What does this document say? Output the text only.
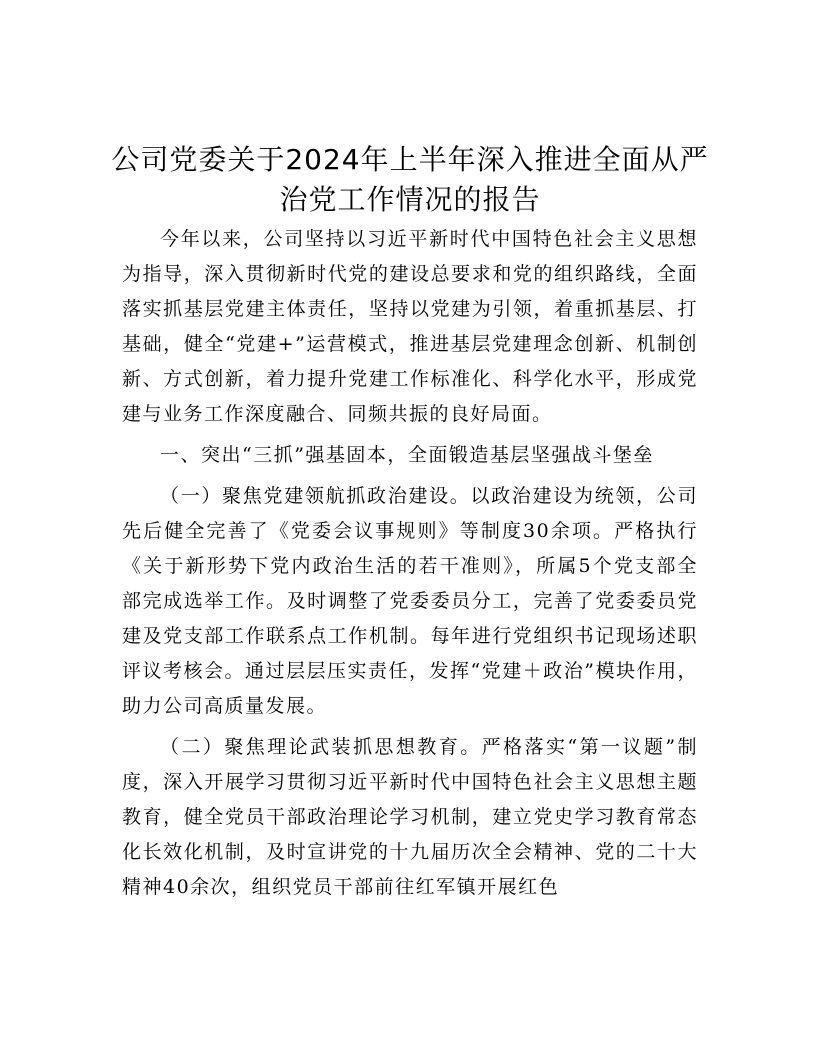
公司党委关于2024年上半年深入推进全面从严治党工作情况的报告

今年以来，公司坚持以习近平新时代中国特色社会主义思想为指导，深入贯彻新时代党的建设总要求和党的组织路线，全面落实抓基层党建主体责任，坚持以党建为引领，着重抓基层、打基础，健全“党建+”运营模式，推进基层党建理念创新、机制创新、方式创新，着力提升党建工作标准化、科学化水平，形成党建与业务工作深度融合、同频共振的良好局面。

一、突出“三抓”强基固本，全面锻造基层坚强战斗堡垒

（一）聚焦党建领航抓政治建设。以政治建设为统领，公司先后健全完善了《党委会议事规则》等制度30余项。严格执行《关于新形势下党内政治生活的若干准则》，所属5个党支部全部完成选举工作。及时调整了党委委员分工，完善了党委委员党建及党支部工作联系点工作机制。每年进行党组织书记现场述职评议考核会。通过层层压实责任，发挥“党建＋政治”模块作用，助力公司高质量发展。

（二）聚焦理论武装抓思想教育。严格落实“第一议题”制度，深入开展学习贯彻习近平新时代中国特色社会主义思想主题教育，健全党员干部政治理论学习机制，建立党史学习教育常态化长效化机制，及时宣讲党的十九届历次全会精神、党的二十大精神40余次，组织党员干部前往红军镇开展红色
